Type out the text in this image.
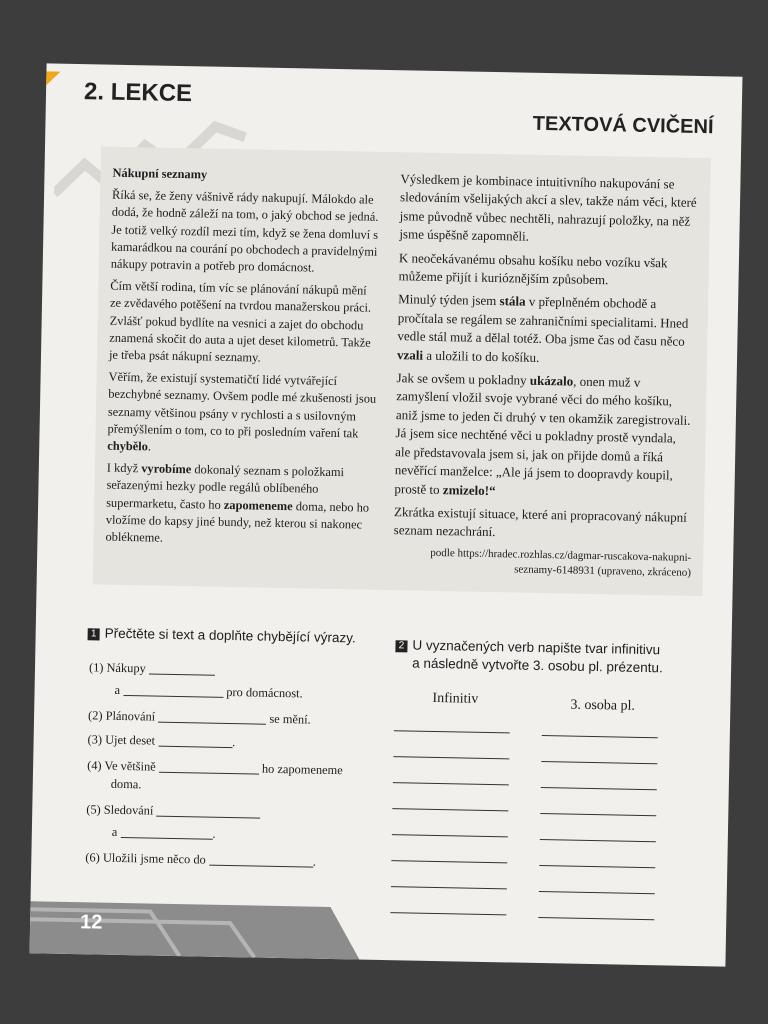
2. LEKCE
TEXTOVÁ CVIČENÍ

Nákupní seznamy

Říká se, že ženy vášnivě rády nakupují. Málokdo ale dodá, že hodně záleží na tom, o jaký obchod se jedná. Je totiž velký rozdíl mezi tím, když se žena domluví s kamarádkou na courání po obchodech a pravidelnými nákupy potravin a potřeb pro domácnost.

Čím větší rodina, tím víc se plánování nákupů mění ze zvědavého potěšení na tvrdou manažerskou práci. Zvlášť pokud bydlíte na vesnici a zajet do obchodu znamená skočit do auta a ujet deset kilometrů. Takže je třeba psát nákupní seznamy.

Věřím, že existují systematičtí lidé vytvářející bezchybné seznamy. Ovšem podle mé zkušenosti jsou seznamy většinou psány v rychlosti a s usilovným přemýšlením o tom, co to při posledním vaření tak chybělo.

I když vyrobíme dokonalý seznam s položkami seřazenými hezky podle regálů oblíbeného supermarketu, často ho zapomeneme doma, nebo ho vložíme do kapsy jiné bundy, než kterou si nakonec oblékneme.

Výsledkem je kombinace intuitivního nakupování se sledováním všelijakých akcí a slev, takže nám věci, které jsme původně vůbec nechtěli, nahrazují položky, na něž jsme úspěšně zapomněli.

K neočekávanému obsahu košíku nebo vozíku však můžeme přijít i kurióznějším způsobem.

Minulý týden jsem stála v přeplněném obchodě a pročítala se regálem se zahraničními specialitami. Hned vedle stál muž a dělal totéž. Oba jsme čas od času něco vzali a uložili to do košíku.

Jak se ovšem u pokladny ukázalo, onen muž v zamyšlení vložil svoje vybrané věci do mého košíku, aniž jsme to jeden či druhý v ten okamžik zaregistrovali. Já jsem sice nechtěné věci u pokladny prostě vyndala, ale představovala jsem si, jak on přijde domů a říká nevěřící manželce: „Ale já jsem to doopravdy koupil, prostě to zmizelo!“

Zkrátka existují situace, které ani propracovaný nákupní seznam nezachrání.

podle https://hradec.rozhlas.cz/dagmar-ruscakova-nakupni-seznamy-6148931 (upraveno, zkráceno)

1 Přečtěte si text a doplňte chybějící výrazy.

(1) Nákupy
a	pro domácnost.
(2) Plánování	se mění.
(3) Ujet deset	.
(4) Ve většině	ho zapomeneme
doma.
(5) Sledování
a	.
(6) Uložili jsme něco do	.

2 U vyznačených verb napište tvar infinitivu
a následně vytvořte 3. osobu pl. prézentu.

Infinitiv	3. osoba pl.

12
